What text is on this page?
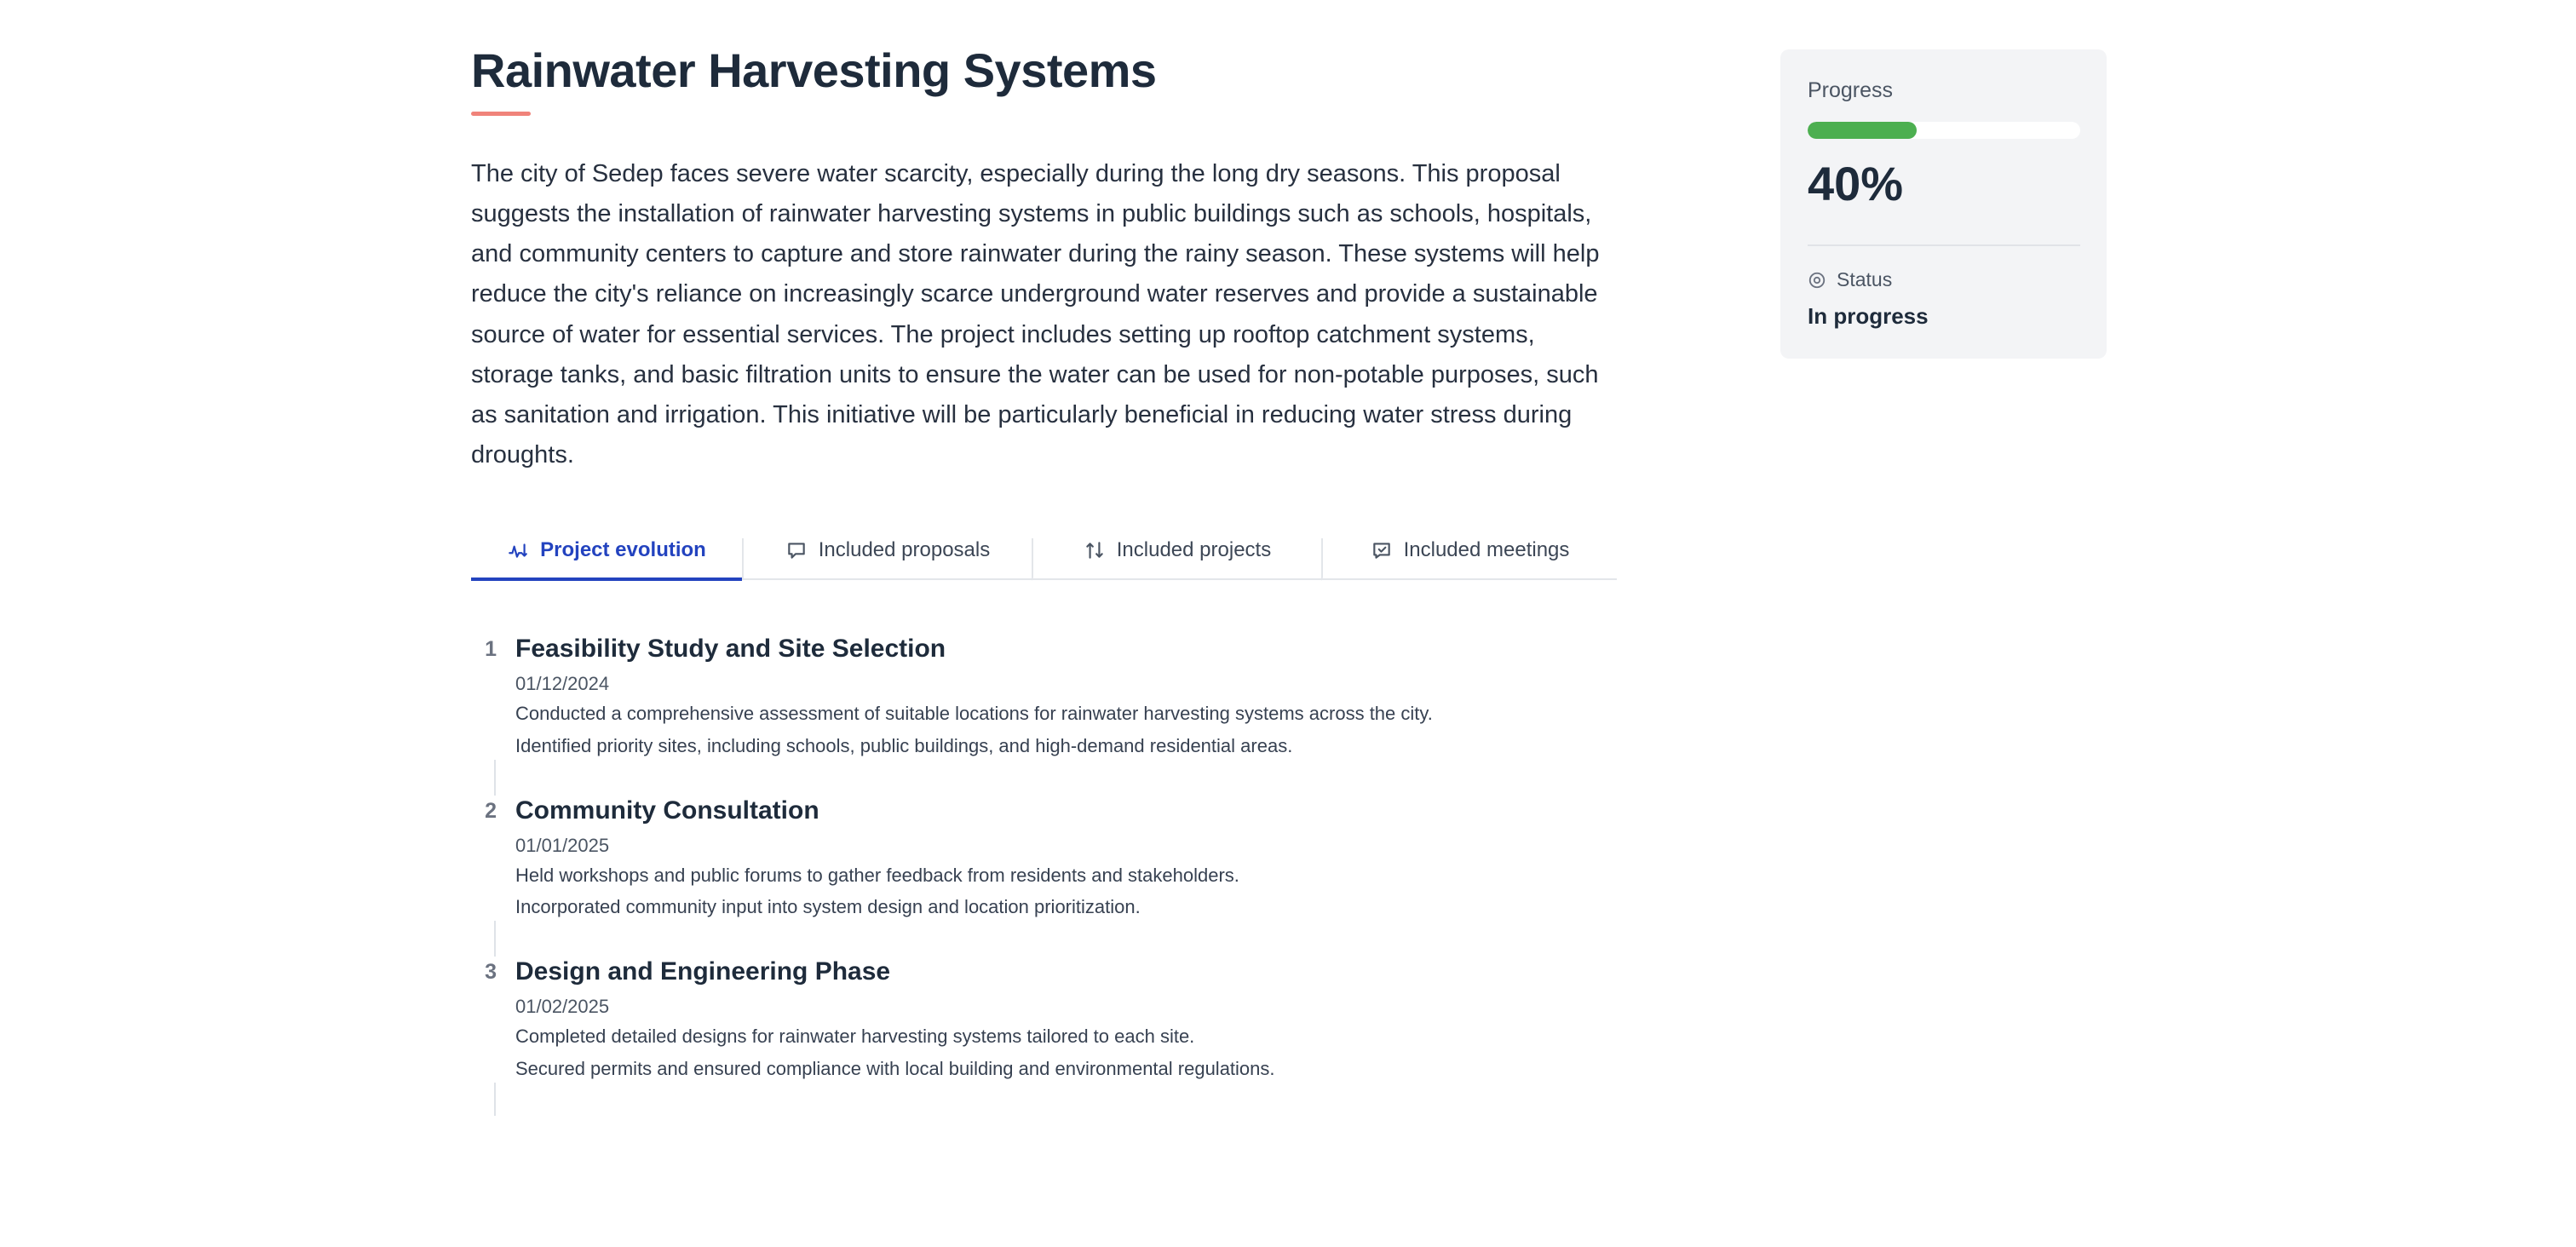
Rainwater Harvesting Systems

The city of Sedep faces severe water scarcity, especially during the long dry seasons. This proposal suggests the installation of rainwater harvesting systems in public buildings such as schools, hospitals, and community centers to capture and store rainwater during the rainy season. These systems will help reduce the city's reliance on increasingly scarce underground water reserves and provide a sustainable source of water for essential services. The project includes setting up rooftop catchment systems, storage tanks, and basic filtration units to ensure the water can be used for non-potable purposes, such as sanitation and irrigation. This initiative will be particularly beneficial in reducing water stress during droughts.

Project evolution	Included proposals	Included projects	Included meetings
1 Feasibility Study and Site Selection
01/12/2024
Conducted a comprehensive assessment of suitable locations for rainwater harvesting systems across the city.
Identified priority sites, including schools, public buildings, and high-demand residential areas.
2 Community Consultation
01/01/2025
Held workshops and public forums to gather feedback from residents and stakeholders.
Incorporated community input into system design and location prioritization.
3 Design and Engineering Phase
01/02/2025
Completed detailed designs for rainwater harvesting systems tailored to each site.
Secured permits and ensured compliance with local building and environmental regulations.
Progress
40%
Status
In progress
